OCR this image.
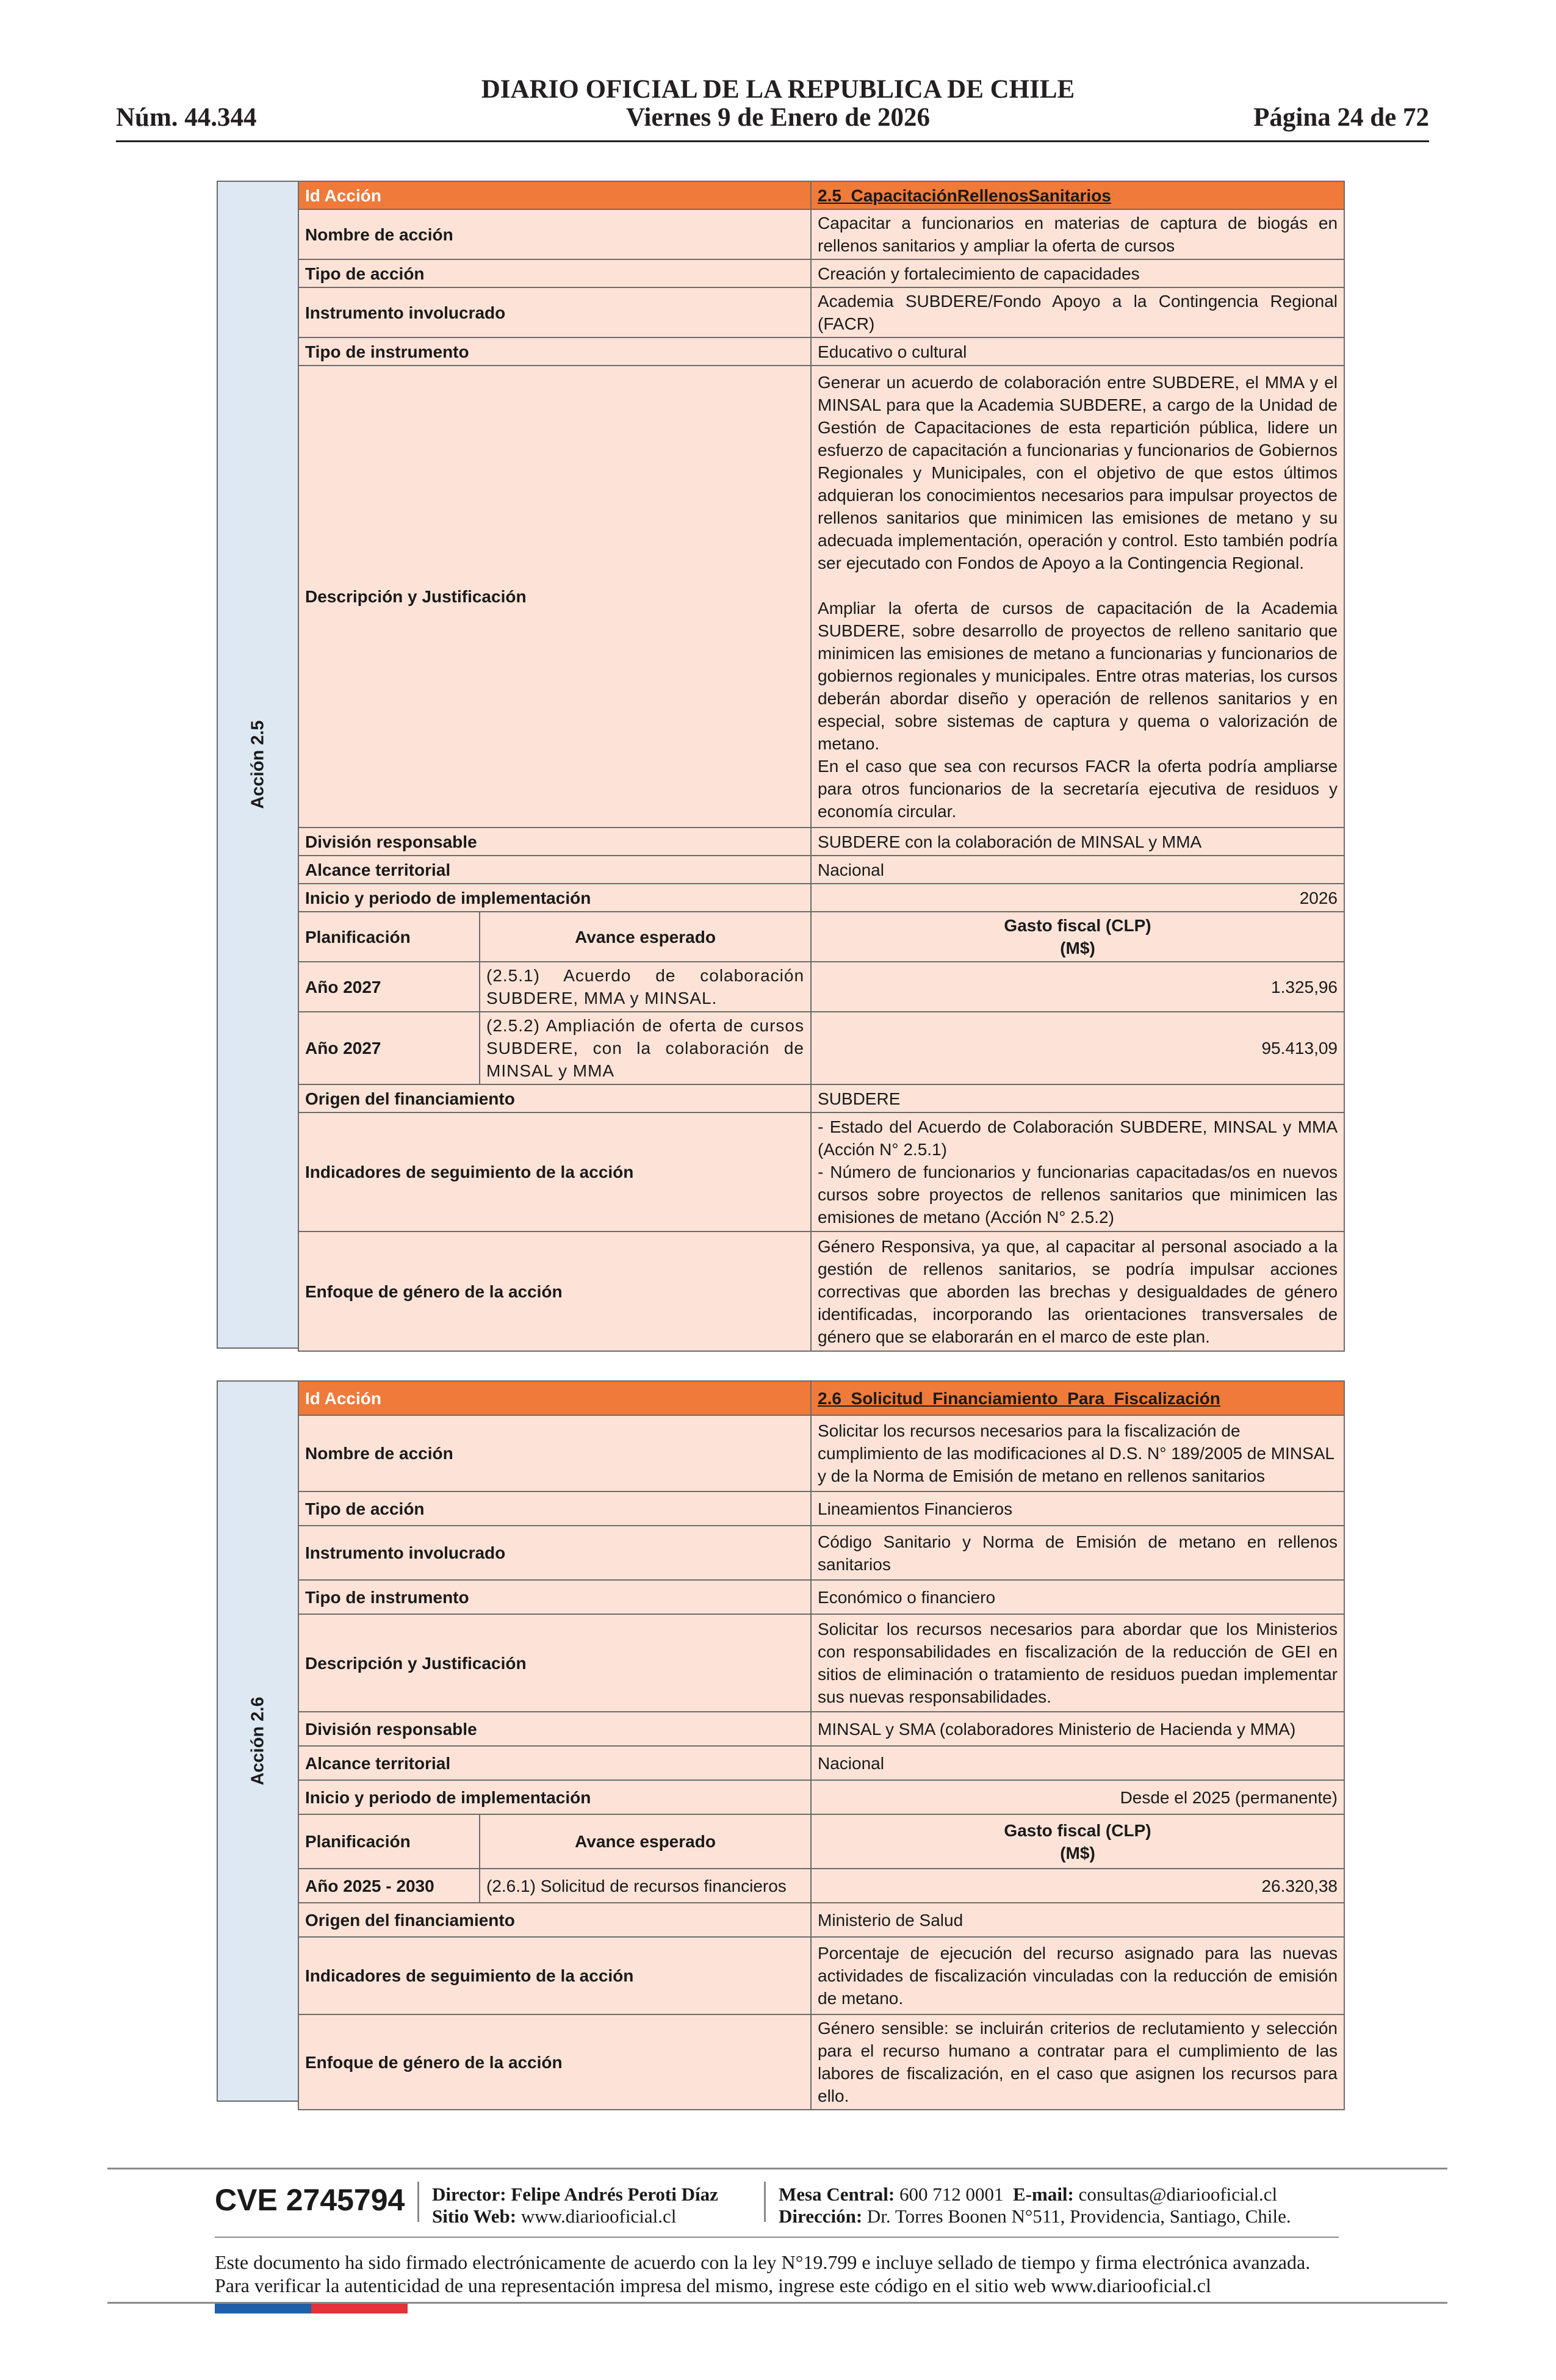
DIARIO OFICIAL DE LA REPUBLICA DE CHILE
Núm. 44.344	Viernes 9 de Enero de 2026	Página 24 de 72
Acción 2.5
Id Acción		2.5_CapacitaciónRellenosSanitarios
Nombre de acción		Capacitar a funcionarios en materias de captura de biogás en rellenos sanitarios y ampliar la oferta de cursos
Tipo de acción		Creación y fortalecimiento de capacidades
Instrumento involucrado		Academia SUBDERE/Fondo Apoyo a la Contingencia Regional (FACR)
Tipo de instrumento		Educativo o cultural
Descripción y Justificación		Generar un acuerdo de colaboración entre SUBDERE, el MMA y el MINSAL para que la Academia SUBDERE, a cargo de la Unidad de Gestión de Capacitaciones de esta repartición pública, lidere un esfuerzo de capacitación a funcionarias y funcionarios de Gobiernos Regionales y Municipales, con el objetivo de que estos últimos adquieran los conocimientos necesarios para impulsar proyectos de rellenos sanitarios que minimicen las emisiones de metano y su adecuada implementación, operación y control. Esto también podría ser ejecutado con Fondos de Apoyo a la Contingencia Regional.
Ampliar la oferta de cursos de capacitación de la Academia SUBDERE, sobre desarrollo de proyectos de relleno sanitario que minimicen las emisiones de metano a funcionarias y funcionarios de gobiernos regionales y municipales. Entre otras materias, los cursos deberán abordar diseño y operación de rellenos sanitarios y en especial, sobre sistemas de captura y quema o valorización de metano.
En el caso que sea con recursos FACR la oferta podría ampliarse para otros funcionarios de la secretaría ejecutiva de residuos y economía circular.

División responsable		SUBDERE con la colaboración de MINSAL y MMA
Alcance territorial		Nacional
Inicio y periodo de implementación		2026
Planificación	Avance esperado	Gasto fiscal (CLP)
(M$)

Año 2027	(2.5.1) Acuerdo de colaboración SUBDERE, MMA y MINSAL.	1.325,96
Año 2027	(2.5.2) Ampliación de oferta de cursos SUBDERE, con la colaboración de MINSAL y MMA	95.413,09
Origen del financiamiento		SUBDERE
Indicadores de seguimiento de la acción		- Estado del Acuerdo de Colaboración SUBDERE, MINSAL y MMA (Acción N° 2.5.1)
- Número de funcionarios y funcionarias capacitadas/os en nuevos cursos sobre proyectos de rellenos sanitarios que minimicen las emisiones de metano (Acción N° 2.5.2)

Enfoque de género de la acción		Género Responsiva, ya que, al capacitar al personal asociado a la gestión de rellenos sanitarios, se podría impulsar acciones correctivas que aborden las brechas y desigualdades de género identificadas, incorporando las orientaciones transversales de género que se elaborarán en el marco de este plan.
Acción 2.6
Id Acción		2.6_Solicitud_Financiamiento_Para_Fiscalización
Nombre de acción		Solicitar los recursos necesarios para la fiscalización de cumplimiento de las modificaciones al D.S. N° 189/2005 de MINSAL y de la Norma de Emisión de metano en rellenos sanitarios
Tipo de acción		Lineamientos Financieros
Instrumento involucrado		Código Sanitario y Norma de Emisión de metano en rellenos sanitarios
Tipo de instrumento		Económico o financiero
Descripción y Justificación		Solicitar los recursos necesarios para abordar que los Ministerios con responsabilidades en fiscalización de la reducción de GEI en sitios de eliminación o tratamiento de residuos puedan implementar sus nuevas responsabilidades.
División responsable		MINSAL y SMA (colaboradores Ministerio de Hacienda y MMA)
Alcance territorial		Nacional
Inicio y periodo de implementación		Desde el 2025 (permanente)
Planificación	Avance esperado	Gasto fiscal (CLP)
(M$)

Año 2025 - 2030	(2.6.1) Solicitud de recursos financieros	26.320,38
Origen del financiamiento		Ministerio de Salud
Indicadores de seguimiento de la acción		Porcentaje de ejecución del recurso asignado para las nuevas actividades de fiscalización vinculadas con la reducción de emisión de metano.
Enfoque de género de la acción		Género sensible: se incluirán criterios de reclutamiento y selección para el recurso humano a contratar para el cumplimiento de las labores de fiscalización, en el caso que asignen los recursos para ello.
CVE 2745794 Director: Felipe Andrés Peroti Díaz
Sitio Web: www.diariooficial.cl
Mesa Central: 600 712 0001 E-mail: consultas@diariooficial.cl
Dirección: Dr. Torres Boonen N°511, Providencia, Santiago, Chile.
Este documento ha sido firmado electrónicamente de acuerdo con la ley N°19.799 e incluye sellado de tiempo y firma electrónica avanzada. Para verificar la autenticidad de una representación impresa del mismo, ingrese este código en el sitio web www.diariooficial.cl
